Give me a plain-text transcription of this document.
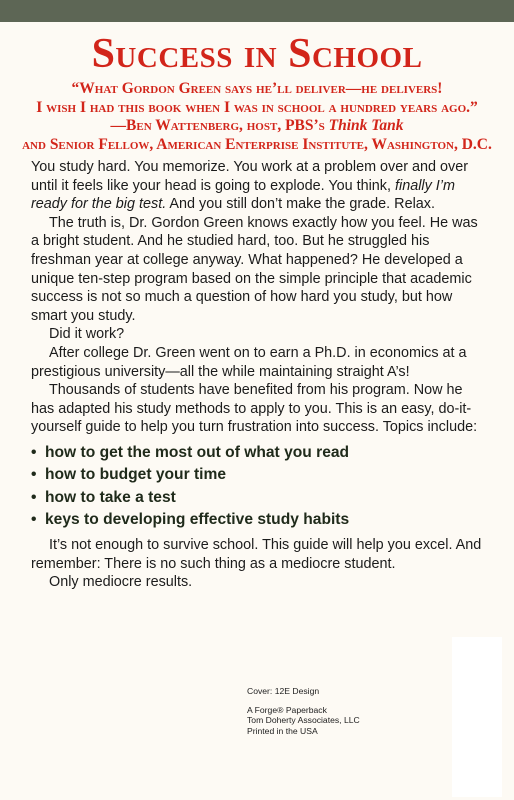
Success in School
“What Gordon Green says he’ll deliver—he delivers!
I wish I had this book when I was in school a hundred years ago.”
—Ben Wattenberg, host, PBS’s Think Tank
and Senior Fellow, American Enterprise Institute, Washington, D.C.

You study hard. You memorize. You work at a problem over and over until it feels like your head is going to explode. You think, finally I’m ready for the big test. And you still don’t make the grade. Relax.

The truth is, Dr. Gordon Green knows exactly how you feel. He was a bright student. And he studied hard, too. But he struggled his freshman year at college anyway. What happened? He developed a unique ten-step program based on the simple principle that academic success is not so much a question of how hard you study, but how smart you study.

Did it work?

After college Dr. Green went on to earn a Ph.D. in economics at a prestigious university—all the while maintaining straight A’s!

Thousands of students have benefited from his program. Now he has adapted his study methods to apply to you. This is an easy, do-it-yourself guide to help you turn frustration into success. Topics include:

• how to get the most out of what you read
• how to budget your time
• how to take a test
• keys to developing effective study habits

It’s not enough to survive school. This guide will help you excel. And remember: There is no such thing as a mediocre student.

Only mediocre results.

Cover: 12E Design
A Forge® Paperback
Tom Doherty Associates, LLC
Printed in the USA
